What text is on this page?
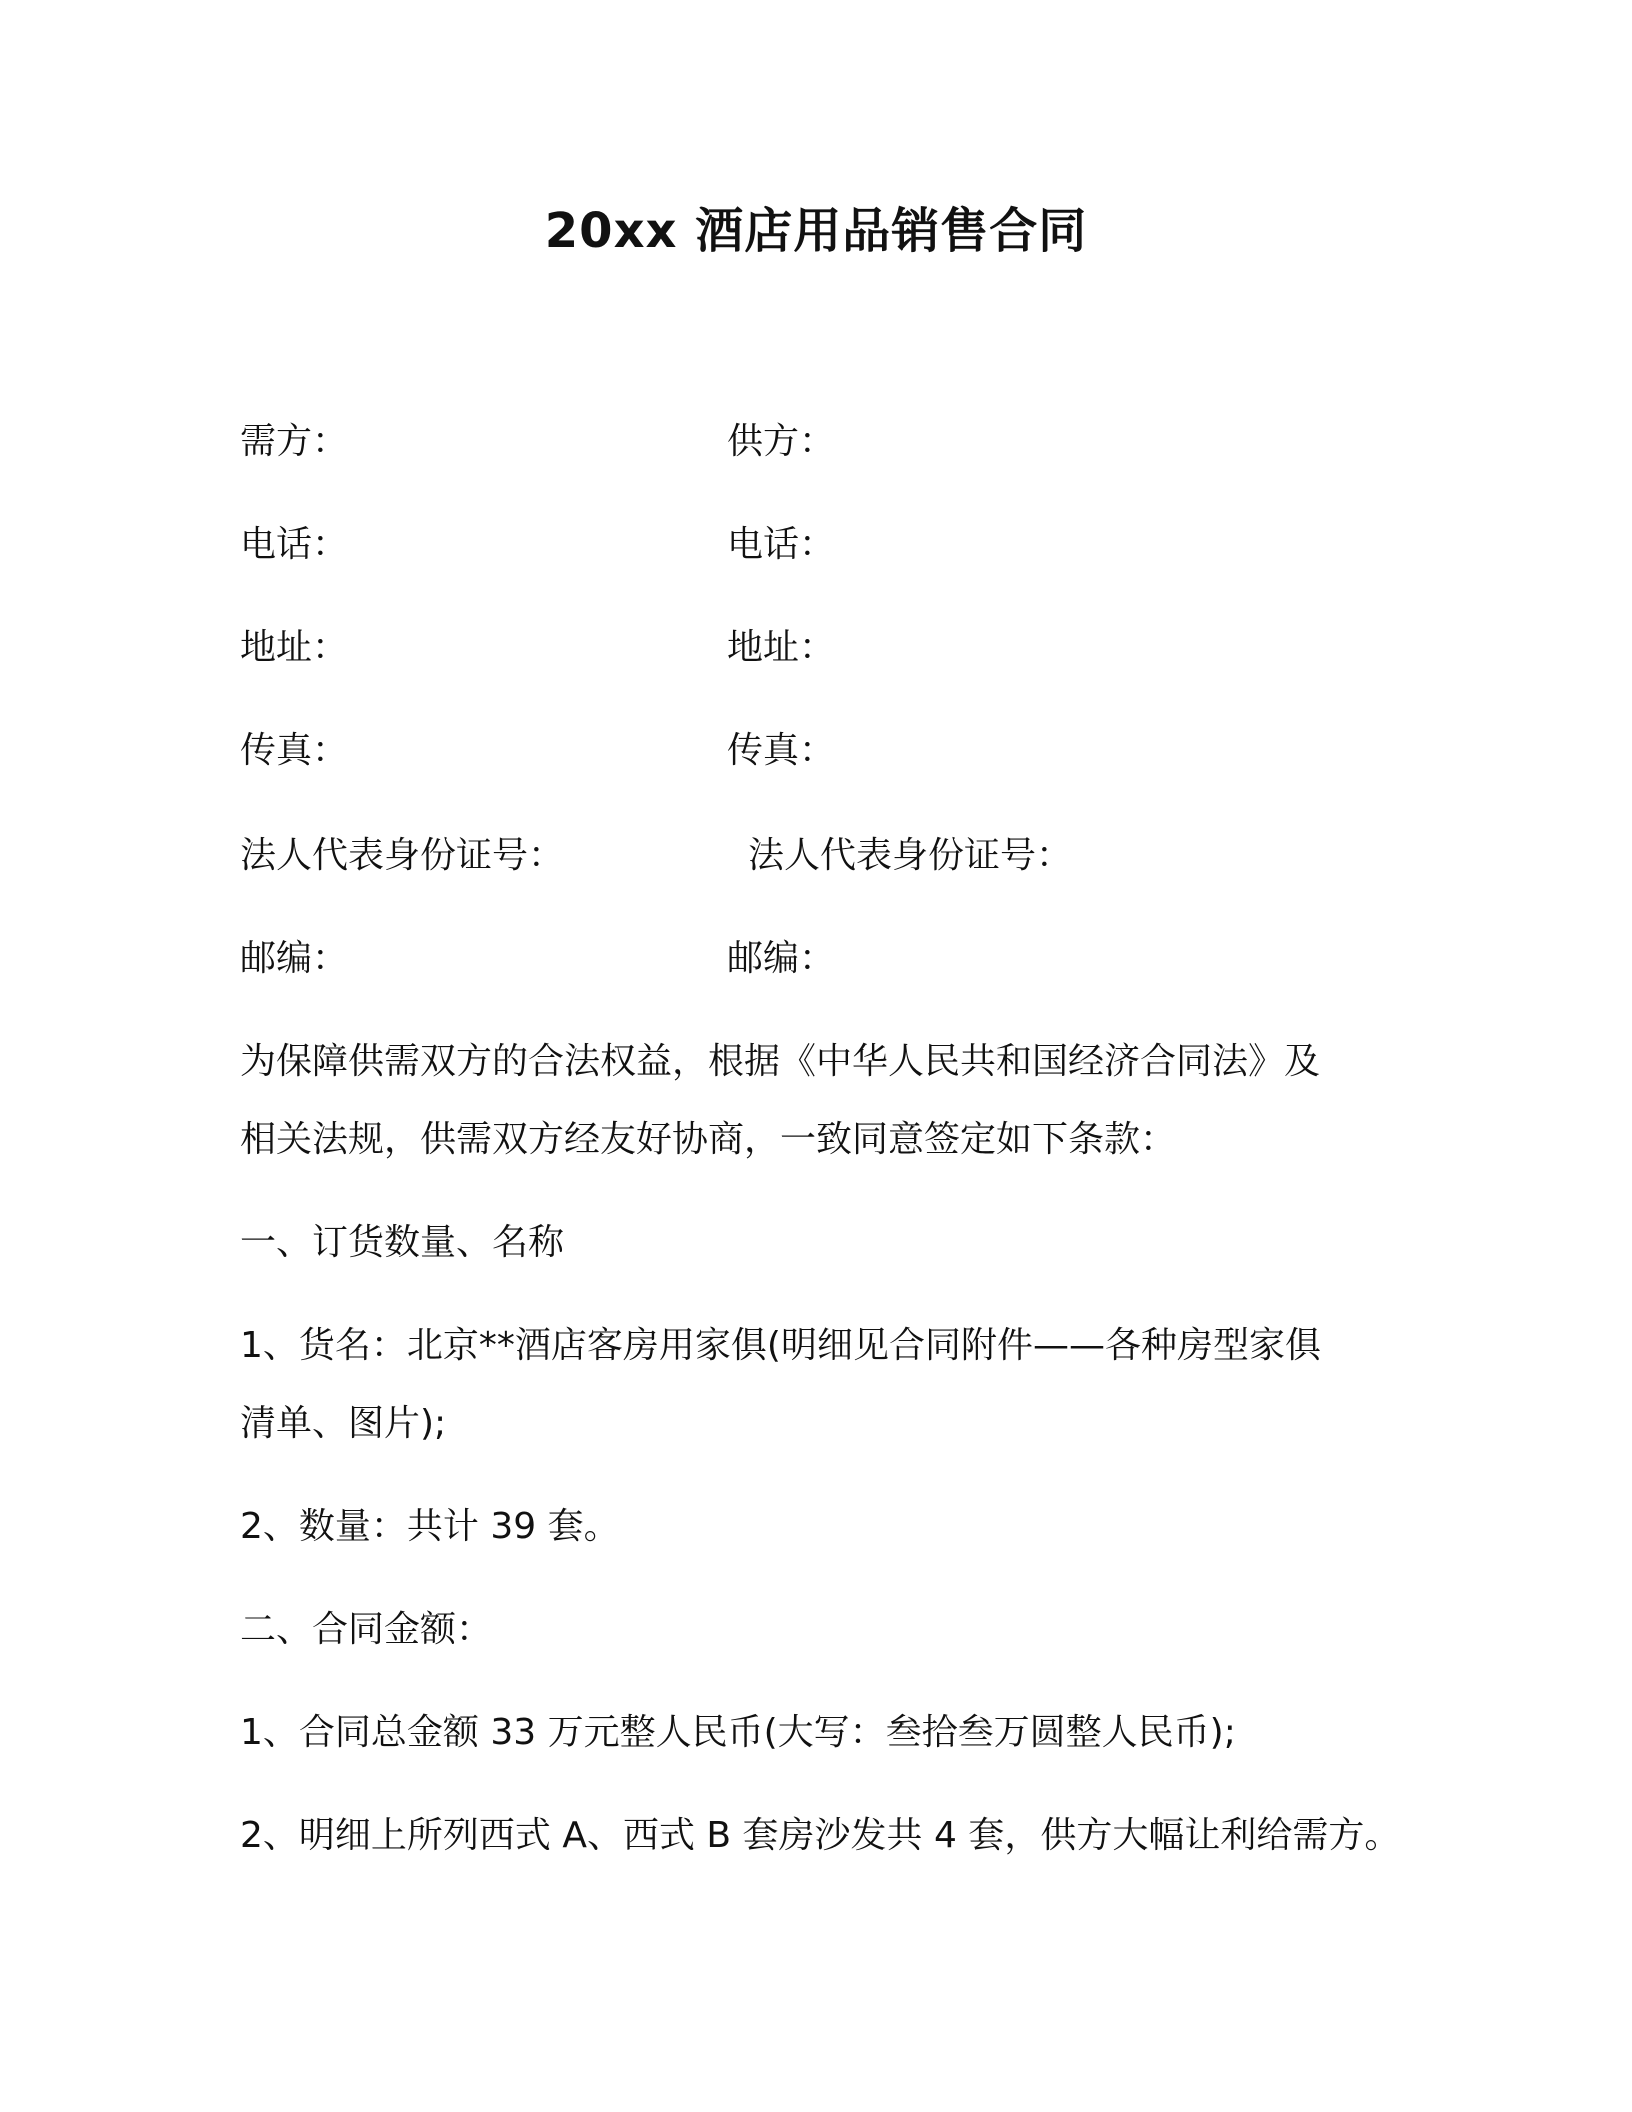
20xx 酒店用品销售合同
需方：	供方：
电话：	电话：
地址：	地址：
传真：	传真：
法人代表身份证号：	法人代表身份证号：
邮编：	邮编：
为保障供需双方的合法权益，根据《中华人民共和国经济合同法》及
相关法规，供需双方经友好协商，一致同意签定如下条款：
一、订货数量、名称
1、货名：北京**酒店客房用家俱(明细见合同附件——各种房型家俱
清单、图片);
2、数量：共计 39 套。
二、合同金额：
1、合同总金额 33 万元整人民币(大写：叁拾叁万圆整人民币);
2、明细上所列西式 A、西式 B 套房沙发共 4 套，供方大幅让利给需方。
